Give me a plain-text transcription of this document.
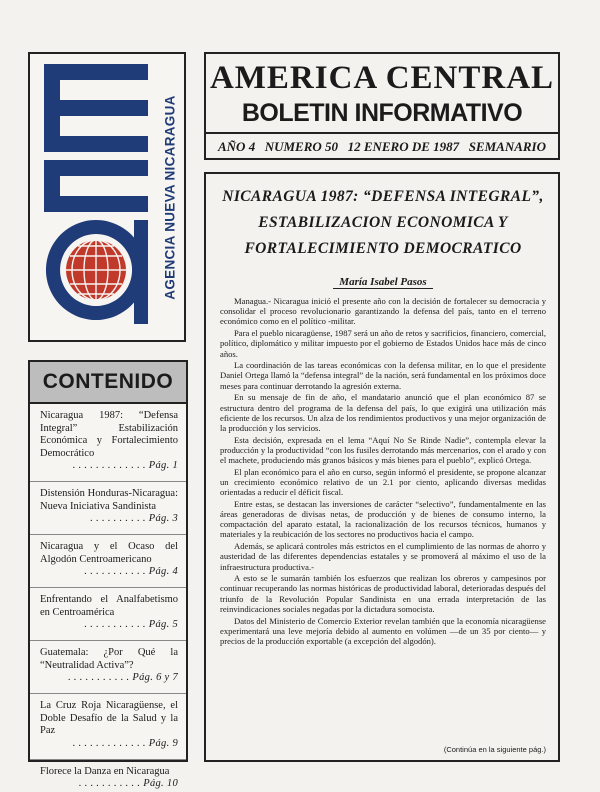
AGENCIA NUEVA NICARAGUA
AMERICA CENTRAL
BOLETIN INFORMATIVO
AÑO 4 NUMERO 50 12 ENERO DE 1987 SEMANARIO
CONTENIDO
Nicaragua 1987: “Defensa Integral” Estabilización Económica y Fortalecimiento Democrático
. . . . . . . . . . . . . Pág. 1
Distensión Honduras-Nicaragua: Nueva Iniciativa Sandinista
. . . . . . . . . . Pág. 3
Nicaragua y el Ocaso del Algodón Centroamericano
. . . . . . . . . . . Pág. 4
Enfrentando el Analfabetismo en Centroamérica
. . . . . . . . . . . Pág. 5
Guatemala: ¿Por Qué la “Neutralidad Activa”?
. . . . . . . . . . . Pág. 6 y 7
La Cruz Roja Nicaragüense, el Doble Desafío de la Salud y la Paz
. . . . . . . . . . . . . Pág. 9
Florece la Danza en Nicaragua
. . . . . . . . . . . Pág. 10
NICARAGUA 1987: “DEFENSA INTEGRAL”,
ESTABILIZACION ECONOMICA Y
FORTALECIMIENTO DEMOCRATICO
María Isabel Pasos

Managua.- Nicaragua inició el presente año con la decisión de fortalecer su democracia y consolidar el proceso revolucionario garantizando la defensa del país, tanto en el terreno económico como en el político -militar.

Para el pueblo nicaragüense, 1987 será un año de retos y sacrificios, financiero, comercial, político, diplomático y militar impuesto por el gobierno de Estados Unidos hace más de cinco años.

La coordinación de las tareas económicas con la defensa militar, en lo que el presidente Daniel Ortega llamó la “defensa integral” de la nación, será fundamental en los próximos doce meses para continuar derrotando la agresión externa.

En su mensaje de fin de año, el mandatario anunció que el plan económico 87 se estructura dentro del programa de la defensa del país, lo que exigirá una utilización más eficiente de los recursos. Un alza de los rendimientos productivos y una mejor organización de la producción y los servicios.

Esta decisión, expresada en el lema “Aquí No Se Rinde Nadie”, contempla elevar la producción y la productividad “con los fusiles derrotando más mercenarios, con el arado y con el machete, produciendo más granos básicos y más bienes para el pueblo”, explicó Ortega.

El plan económico para el año en curso, según informó el presidente, se propone alcanzar un crecimiento económico relativo de un 2.1 por ciento, aplicando diversas medidas orientadas a reducir el déficit fiscal.

Entre estas, se destacan las inversiones de carácter “selectivo”, fundamentalmente en las áreas generadoras de divisas netas, de producción y de bienes de consumo interno, la compactación del aparato estatal, la racionalización de los recursos técnicos, humanos y materiales y la reubicación de los sectores no productivos hacia el campo.

Además, se aplicará controles más estrictos en el cumplimiento de las normas de ahorro y austeridad de las diferentes dependencias estatales y se promoverá al máximo el uso de la infraestructura productiva.-

A esto se le sumarán también los esfuerzos que realizan los obreros y campesinos por continuar recuperando las normas históricas de productividad laboral, deterioradas después del triunfo de la Revolución Popular Sandinista en una errada interpretación de las reinvindicaciones sociales negadas por la dictadura somocista.

Datos del Ministerio de Comercio Exterior revelan también que la economía nicaragüense experimentará una leve mejoría debido al aumento en volúmen —de un 35 por ciento— y precios de la producción exportable (a excepción del algodón).

(Continúa en la siguiente pág.)
